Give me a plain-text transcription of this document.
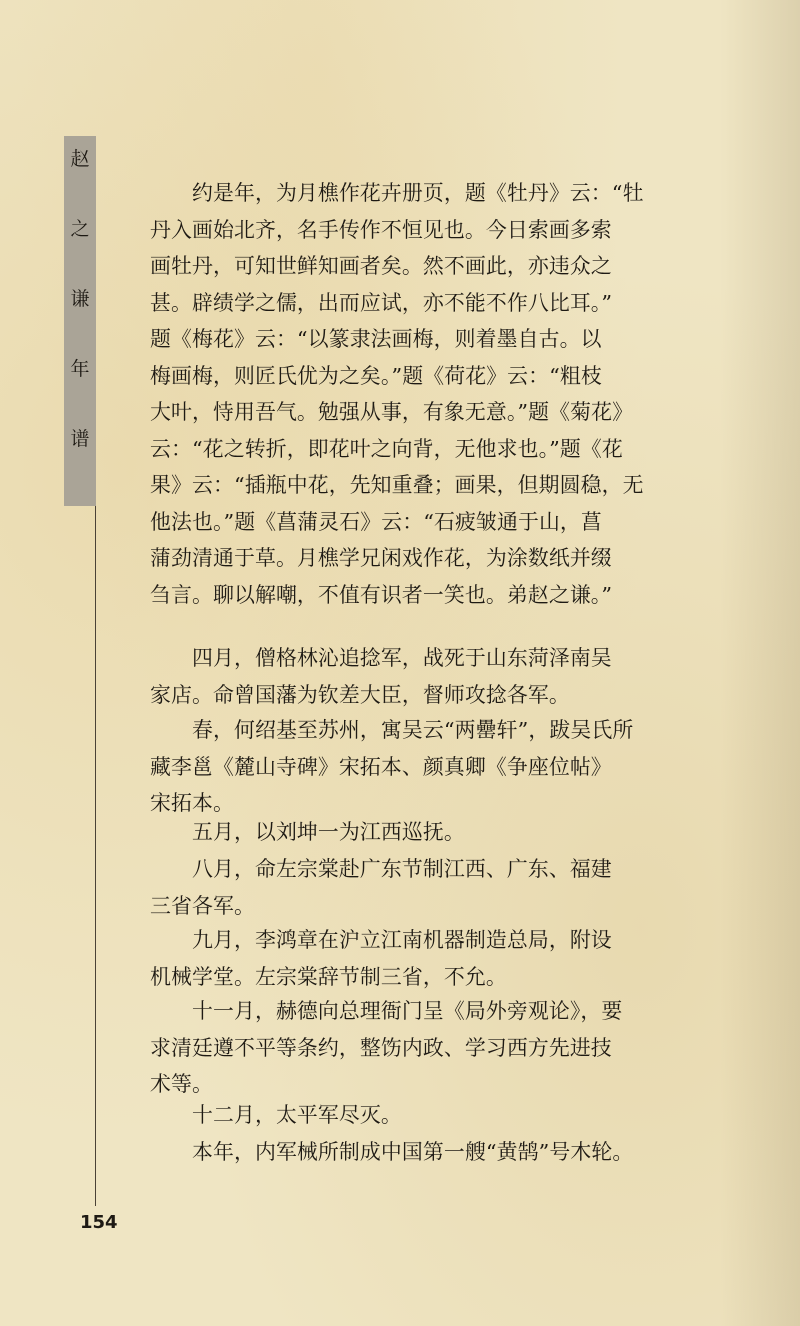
赵
之
谦
年
谱
154
　　约是年，为月樵作花卉册页，题《牡丹》云：“牡
丹入画始北齐，名手传作不恒见也。今日索画多索
画牡丹，可知世鲜知画者矣。然不画此，亦违众之
甚。辟绩学之儒，出而应试，亦不能不作八比耳。”
题《梅花》云：“以篆隶法画梅，则着墨自古。以
梅画梅，则匠氏优为之矣。”题《荷花》云：“粗枝
大叶，恃用吾气。勉强从事，有象无意。”题《菊花》
云：“花之转折，即花叶之向背，无他求也。”题《花
果》云：“插瓶中花，先知重叠；画果，但期圆稳，无
他法也。”题《菖蒲灵石》云：“石疲皱通于山，菖
蒲劲清通于草。月樵学兄闲戏作花，为涂数纸并缀
刍言。聊以解嘲，不值有识者一笑也。弟赵之谦。”
　　四月，僧格林沁追捻军，战死于山东菏泽南吴
家店。命曾国藩为钦差大臣，督师攻捻各军。
　　春，何绍基至苏州，寓吴云“两罍轩”，跋吴氏所
藏李邕《麓山寺碑》宋拓本、颜真卿《争座位帖》
宋拓本。
　　五月，以刘坤一为江西巡抚。
　　八月，命左宗棠赴广东节制江西、广东、福建
三省各军。
　　九月，李鸿章在沪立江南机器制造总局，附设
机械学堂。左宗棠辞节制三省，不允。
　　十一月，赫德向总理衙门呈《局外旁观论》，要
求清廷遵不平等条约，整饬内政、学习西方先进技
术等。
　　十二月，太平军尽灭。
　　本年，内军械所制成中国第一艘“黄鹄”号木轮。
